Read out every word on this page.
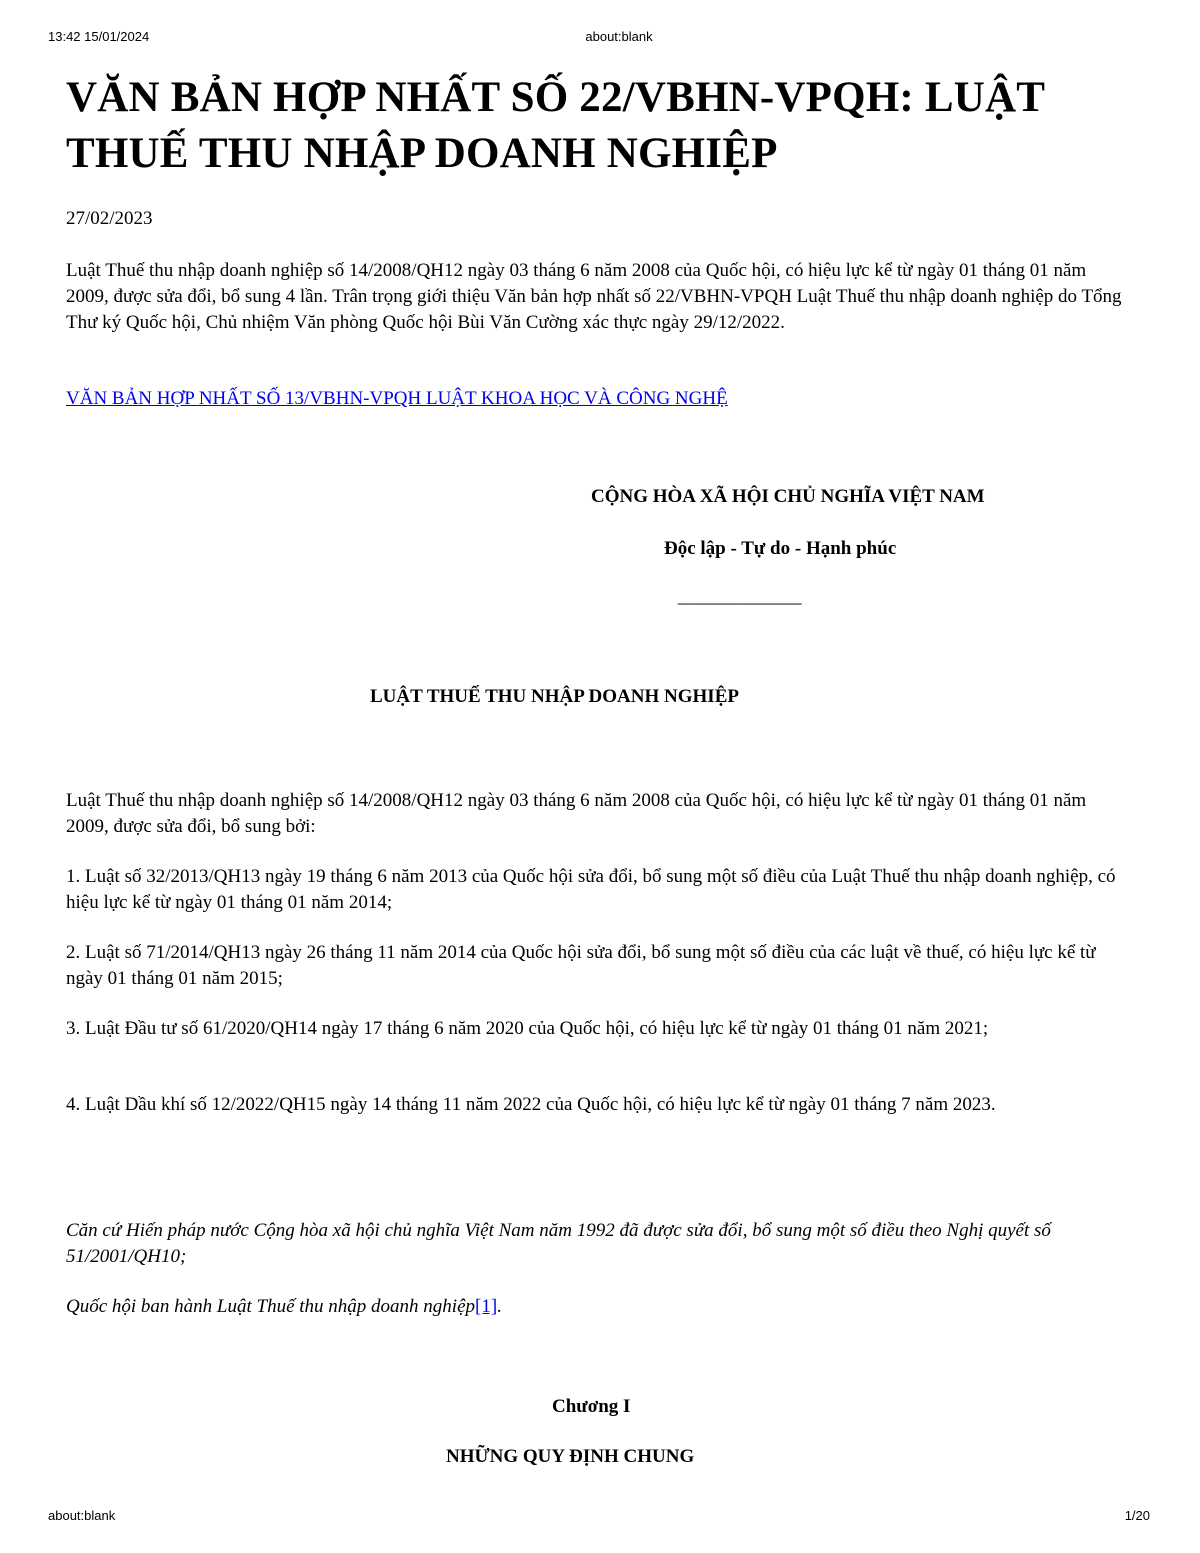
13:42 15/01/2024	about:blank
VĂN BẢN HỢP NHẤT SỐ 22/VBHN-VPQH: LUẬT THUẾ THU NHẬP DOANH NGHIỆP

27/02/2023

Luật Thuế thu nhập doanh nghiệp số 14/2008/QH12 ngày 03 tháng 6 năm 2008 của Quốc hội, có hiệu lực kể từ ngày 01 tháng 01 năm 2009, được sửa đổi, bổ sung 4 lần. Trân trọng giới thiệu Văn bản hợp nhất số 22/VBHN-VPQH Luật Thuế thu nhập doanh nghiệp do Tổng Thư ký Quốc hội, Chủ nhiệm Văn phòng Quốc hội Bùi Văn Cường xác thực ngày 29/12/2022.

VĂN BẢN HỢP NHẤT SỐ 13/VBHN-VPQH LUẬT KHOA HỌC VÀ CÔNG NGHỆ
CỘNG HÒA XÃ HỘI CHỦ NGHĨA VIỆT NAM
Độc lập - Tự do - Hạnh phúc
_____________
LUẬT THUẾ THU NHẬP DOANH NGHIỆP

Luật Thuế thu nhập doanh nghiệp số 14/2008/QH12 ngày 03 tháng 6 năm 2008 của Quốc hội, có hiệu lực kể từ ngày 01 tháng 01 năm 2009, được sửa đổi, bổ sung bởi:

1. Luật số 32/2013/QH13 ngày 19 tháng 6 năm 2013 của Quốc hội sửa đổi, bổ sung một số điều của Luật Thuế thu nhập doanh nghiệp, có hiệu lực kể từ ngày 01 tháng 01 năm 2014;

2. Luật số 71/2014/QH13 ngày 26 tháng 11 năm 2014 của Quốc hội sửa đổi, bổ sung một số điều của các luật về thuế, có hiệu lực kể từ ngày 01 tháng 01 năm 2015;

3. Luật Đầu tư số 61/2020/QH14 ngày 17 tháng 6 năm 2020 của Quốc hội, có hiệu lực kể từ ngày 01 tháng 01 năm 2021;

4. Luật Dầu khí số 12/2022/QH15 ngày 14 tháng 11 năm 2022 của Quốc hội, có hiệu lực kể từ ngày 01 tháng 7 năm 2023.

Căn cứ Hiến pháp nước Cộng hòa xã hội chủ nghĩa Việt Nam năm 1992 đã được sửa đổi, bổ sung một số điều theo Nghị quyết số 51/2001/QH10;

Quốc hội ban hành Luật Thuế thu nhập doanh nghiệp[1].

Chương I
NHỮNG QUY ĐỊNH CHUNG
about:blank	1/20
